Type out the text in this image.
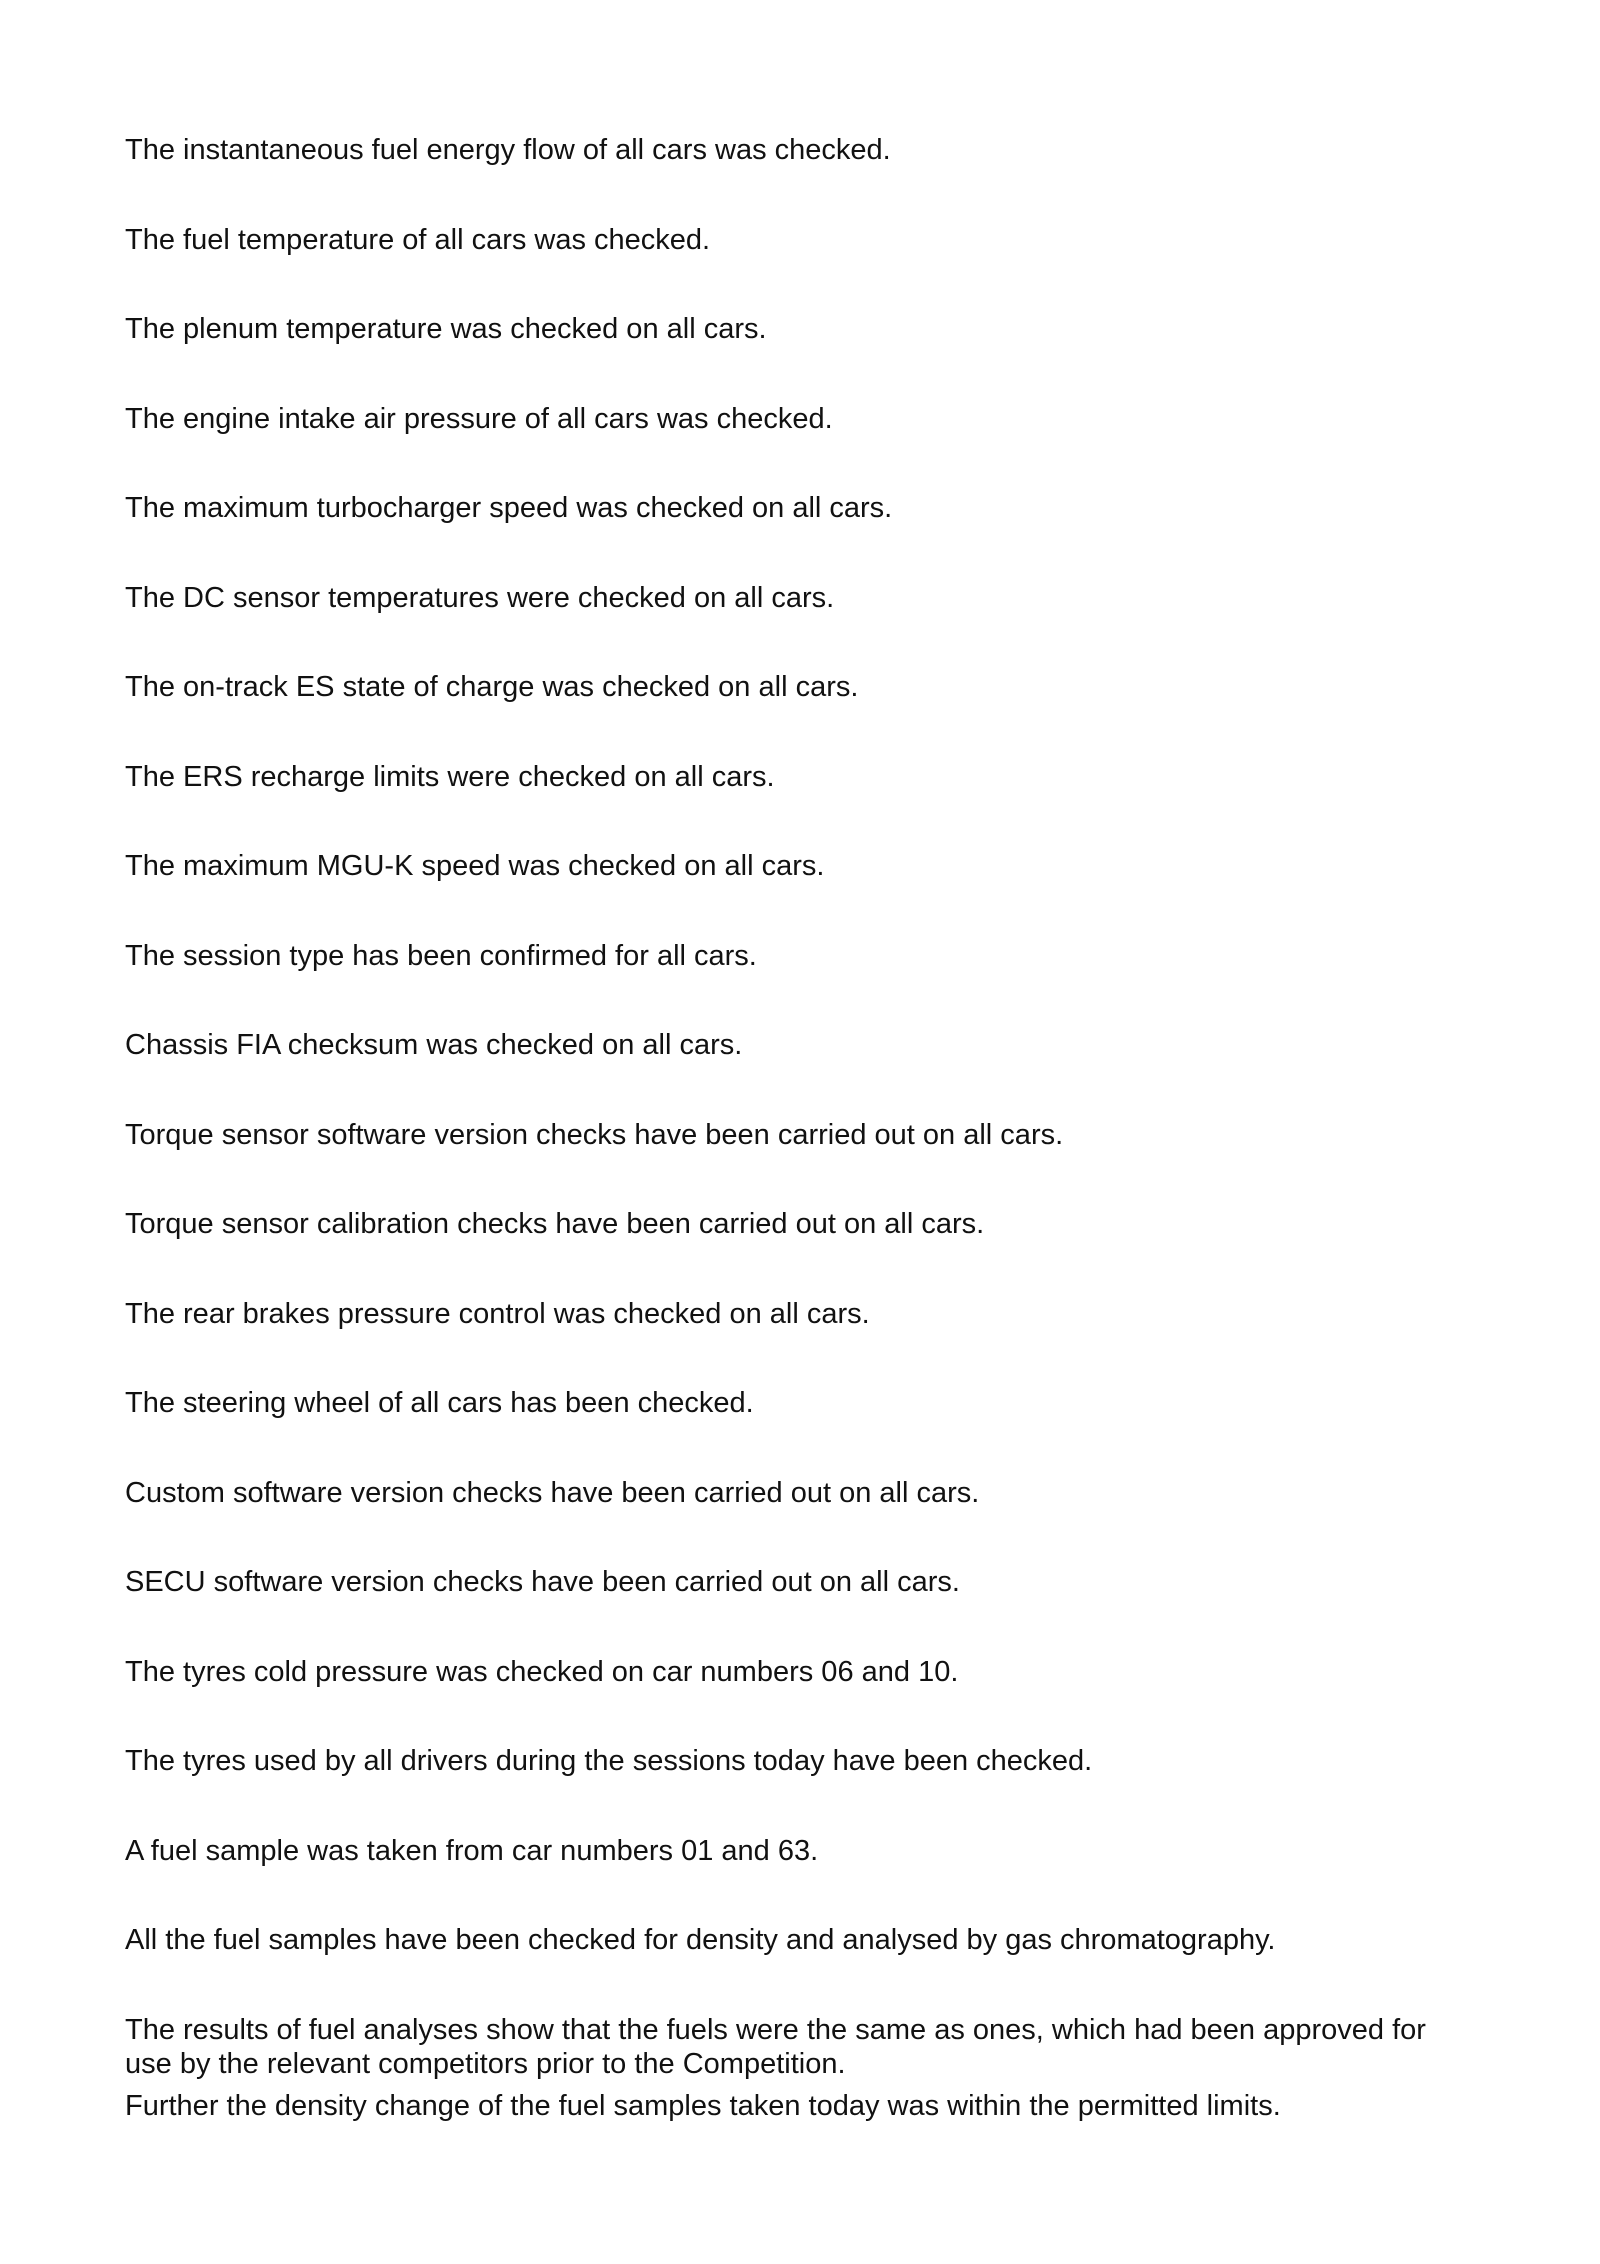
The instantaneous fuel energy flow of all cars was checked.

The fuel temperature of all cars was checked.

The plenum temperature was checked on all cars.

The engine intake air pressure of all cars was checked.

The maximum turbocharger speed was checked on all cars.

The DC sensor temperatures were checked on all cars.

The on-track ES state of charge was checked on all cars.

The ERS recharge limits were checked on all cars.

The maximum MGU-K speed was checked on all cars.

The session type has been confirmed for all cars.

Chassis FIA checksum was checked on all cars.

Torque sensor software version checks have been carried out on all cars.

Torque sensor calibration checks have been carried out on all cars.

The rear brakes pressure control was checked on all cars.

The steering wheel of all cars has been checked.

Custom software version checks have been carried out on all cars.

SECU software version checks have been carried out on all cars.

The tyres cold pressure was checked on car numbers 06 and 10.

The tyres used by all drivers during the sessions today have been checked.

A fuel sample was taken from car numbers 01 and 63.

All the fuel samples have been checked for density and analysed by gas chromatography.

The results of fuel analyses show that the fuels were the same as ones, which had been approved for use by the relevant competitors prior to the Competition.

Further the density change of the fuel samples taken today was within the permitted limits.
